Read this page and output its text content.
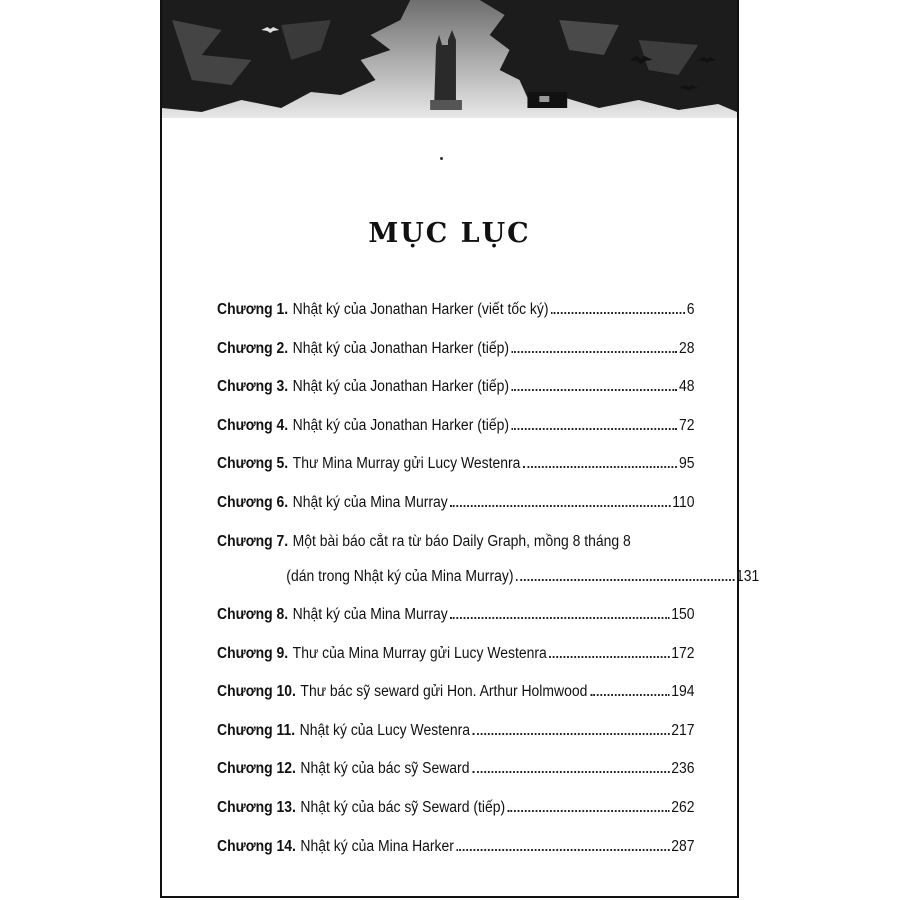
MỤC LỤC
Chương 1. Nhật ký của Jonathan Harker (viết tốc ký)	6
Chương 2. Nhật ký của Jonathan Harker (tiếp)	28
Chương 3. Nhật ký của Jonathan Harker (tiếp)	48
Chương 4. Nhật ký của Jonathan Harker (tiếp)	72
Chương 5. Thư Mina Murray gửi Lucy Westenra	95
Chương 6. Nhật ký của Mina Murray	110
Chương 7. Một bài báo cắt ra từ báo Daily Graph, mồng 8 tháng 8
(dán trong Nhật ký của Mina Murray)	131
Chương 8. Nhật ký của Mina Murray	150
Chương 9. Thư của Mina Murray gửi Lucy Westenra	172
Chương 10. Thư bác sỹ seward gửi Hon. Arthur Holmwood	194
Chương 11. Nhật ký của Lucy Westenra	217
Chương 12. Nhật ký của bác sỹ Seward	236
Chương 13. Nhật ký của bác sỹ Seward (tiếp)	262
Chương 14. Nhật ký của Mina Harker	287
